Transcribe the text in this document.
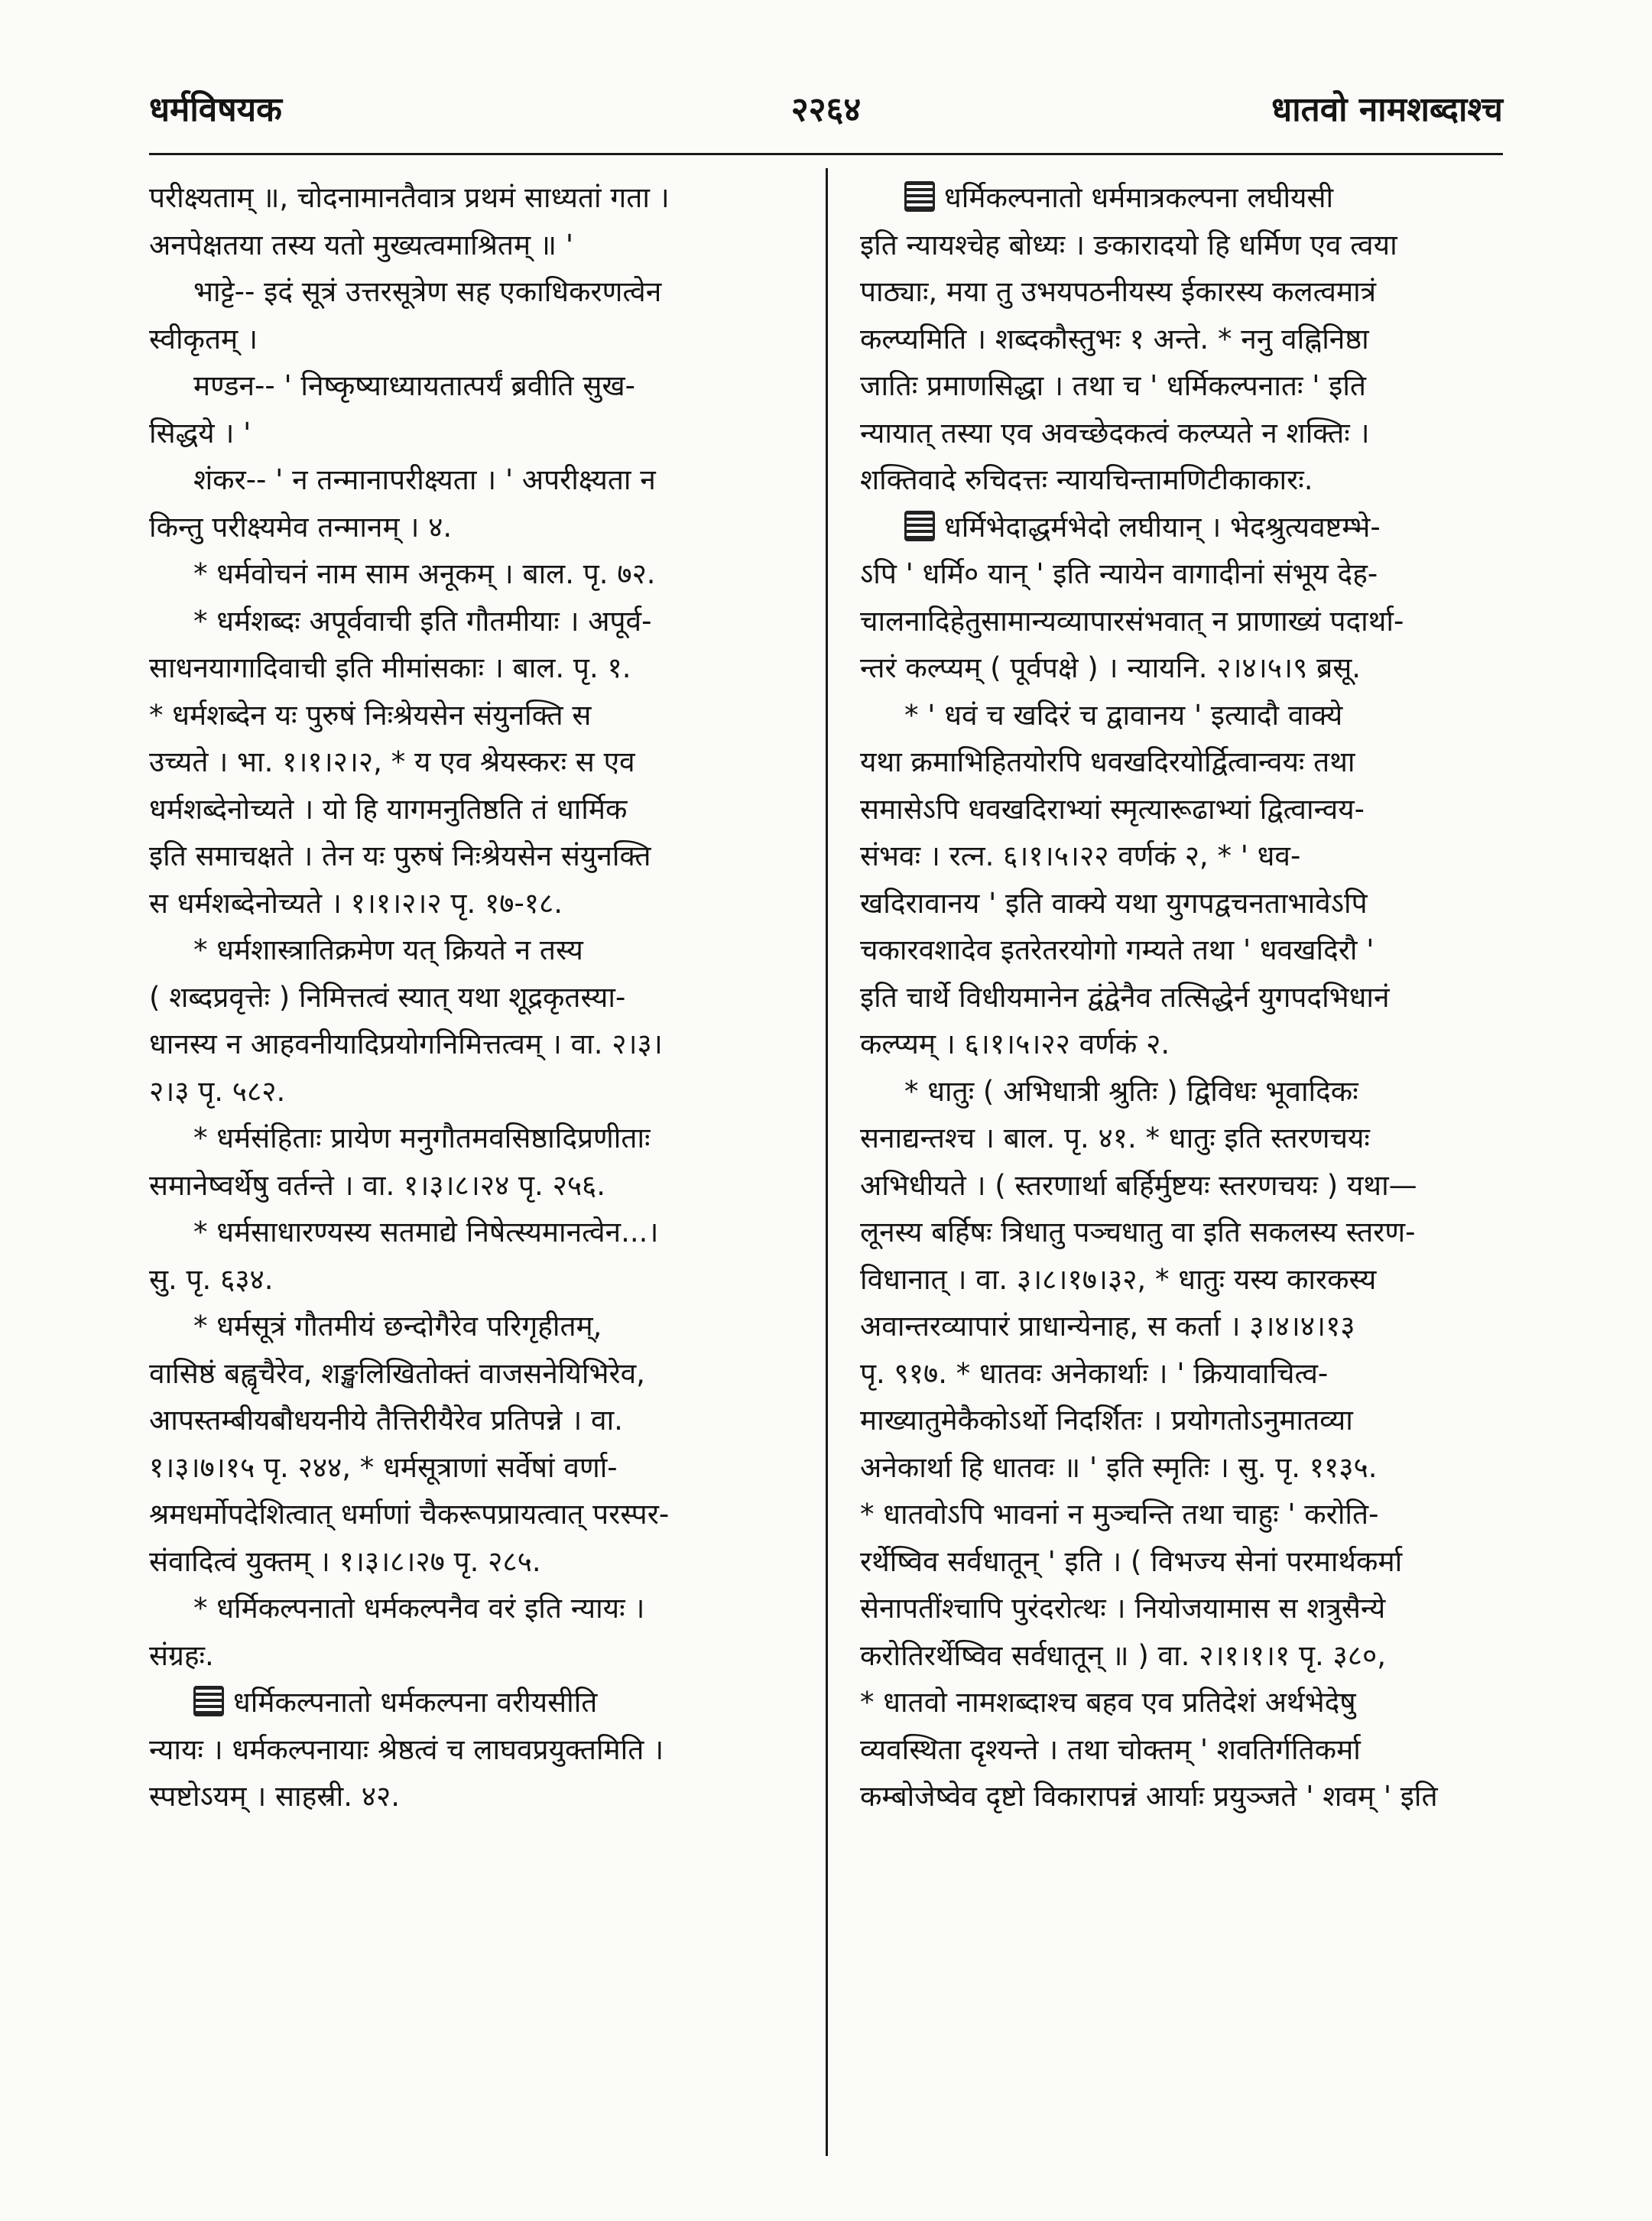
धर्मविषयक	२२६४	धातवो नामशब्दाश्च

परीक्ष्यताम् ॥, चोदनामानतैवात्र प्रथमं साध्यतां गता ।

अनपेक्षतया तस्य यतो मुख्यत्वमाश्रितम् ॥ '

भाट्टे-- इदं सूत्रं उत्तरसूत्रेण सह एकाधिकरणत्वेन

स्वीकृतम् ।

मण्डन-- ' निष्कृष्याध्यायतात्पर्यं ब्रवीति सुख-

सिद्धये । '

शंकर-- ' न तन्मानापरीक्ष्यता । ' अपरीक्ष्यता न

किन्तु परीक्ष्यमेव तन्मानम् । ४.

* धर्मवोचनं नाम साम अनूकम् । बाल. पृ. ७२.

* धर्मशब्दः अपूर्ववाची इति गौतमीयाः । अपूर्व-

साधनयागादिवाची इति मीमांसकाः । बाल. पृ. १.

* धर्मशब्देन यः पुरुषं निःश्रेयसेन संयुनक्ति स

उच्यते । भा. १।१।२।२, * य एव श्रेयस्करः स एव

धर्मशब्देनोच्यते । यो हि यागमनुतिष्ठति तं धार्मिक

इति समाचक्षते । तेन यः पुरुषं निःश्रेयसेन संयुनक्ति

स धर्मशब्देनोच्यते । १।१।२।२ पृ. १७-१८.

* धर्मशास्त्रातिक्रमेण यत् क्रियते न तस्य

( शब्दप्रवृत्तेः ) निमित्तत्वं स्यात् यथा शूद्रकृतस्या-

धानस्य न आहवनीयादिप्रयोगनिमित्तत्वम् । वा. २।३।

२।३ पृ. ५८२.

* धर्मसंहिताः प्रायेण मनुगौतमवसिष्ठादिप्रणीताः

समानेष्वर्थेषु वर्तन्ते । वा. १।३।८।२४ पृ. २५६.

* धर्मसाधारण्यस्य सतमाद्ये निषेत्स्यमानत्वेन...।

सु. पृ. ६३४.

* धर्मसूत्रं गौतमीयं छन्दोगैरेव परिगृहीतम्,

वासिष्ठं बह्वृचैरेव, शङ्खलिखितोक्तं वाजसनेयिभिरेव,

आपस्तम्बीयबौधयनीये तैत्तिरीयैरेव प्रतिपन्ने । वा.

१।३।७।१५ पृ. २४४, * धर्मसूत्राणां सर्वेषां वर्णा-

श्रमधर्मोपदेशित्वात् धर्माणां चैकरूपप्रायत्वात् परस्पर-

संवादित्वं युक्तम् । १।३।८।२७ पृ. २८५.

* धर्मिकल्पनातो धर्मकल्पनैव वरं इति न्यायः ।

संग्रहः.

धर्मिकल्पनातो धर्मकल्पना वरीयसीति

न्यायः । धर्मकल्पनायाः श्रेष्ठत्वं च लाघवप्रयुक्तमिति ।

स्पष्टोऽयम् । साहस्री. ४२.

धर्मिकल्पनातो धर्ममात्रकल्पना लघीयसी

इति न्यायश्चेह बोध्यः । ङकारादयो हि धर्मिण एव त्वया

पाठ्याः, मया तु उभयपठनीयस्य ईकारस्य कलत्वमात्रं

कल्प्यमिति । शब्दकौस्तुभः १ अन्ते. * ननु वह्निनिष्ठा

जातिः प्रमाणसिद्धा । तथा च ' धर्मिकल्पनातः ' इति

न्यायात् तस्या एव अवच्छेदकत्वं कल्प्यते न शक्तिः ।

शक्तिवादे रुचिदत्तः न्यायचिन्तामणिटीकाकारः.

धर्मिभेदाद्धर्मभेदो लघीयान् । भेदश्रुत्यवष्टम्भे-

ऽपि ' धर्मि० यान् ' इति न्यायेन वागादीनां संभूय देह-

चालनादिहेतुसामान्यव्यापारसंभवात् न प्राणाख्यं पदार्था-

न्तरं कल्प्यम् ( पूर्वपक्षे ) । न्यायनि. २।४।५।९ ब्रसू.

* ' धवं च खदिरं च द्वावानय ' इत्यादौ वाक्ये

यथा क्रमाभिहितयोरपि धवखदिरयोर्द्वित्वान्वयः तथा

समासेऽपि धवखदिराभ्यां स्मृत्यारूढाभ्यां द्वित्वान्वय-

संभवः । रत्न. ६।१।५।२२ वर्णकं २, * ' धव-

खदिरावानय ' इति वाक्ये यथा युगपद्वचनताभावेऽपि

चकारवशादेव इतरेतरयोगो गम्यते तथा ' धवखदिरौ '

इति चार्थे विधीयमानेन द्वंद्वेनैव तत्सिद्धेर्न युगपदभिधानं

कल्प्यम् । ६।१।५।२२ वर्णकं २.

* धातुः ( अभिधात्री श्रुतिः ) द्विविधः भूवादिकः

सनाद्यन्तश्च । बाल. पृ. ४१. * धातुः इति स्तरणचयः

अभिधीयते । ( स्तरणार्था बर्हिर्मुष्टयः स्तरणचयः ) यथा—

लूनस्य बर्हिषः त्रिधातु पञ्चधातु वा इति सकलस्य स्तरण-

विधानात् । वा. ३।८।१७।३२, * धातुः यस्य कारकस्य

अवान्तरव्यापारं प्राधान्येनाह, स कर्ता । ३।४।४।१३

पृ. ९१७. * धातवः अनेकार्थाः । ' क्रियावाचित्व-

माख्यातुमेकैकोऽर्थो निदर्शितः । प्रयोगतोऽनुमातव्या

अनेकार्था हि धातवः ॥ ' इति स्मृतिः । सु. पृ. ११३५.

* धातवोऽपि भावनां न मुञ्चन्ति तथा चाहुः ' करोति-

रर्थेष्विव सर्वधातून् ' इति । ( विभज्य सेनां परमार्थकर्मा

सेनापतींश्चापि पुरंदरोत्थः । नियोजयामास स शत्रुसैन्ये

करोतिरर्थेष्विव सर्वधातून् ॥ ) वा. २।१।१।१ पृ. ३८०,

* धातवो नामशब्दाश्च बहव एव प्रतिदेशं अर्थभेदेषु

व्यवस्थिता दृश्यन्ते । तथा चोक्तम् ' शवतिर्गतिकर्मा

कम्बोजेष्वेव दृष्टो विकारापन्नं आर्याः प्रयुञ्जते ' शवम् ' इति
